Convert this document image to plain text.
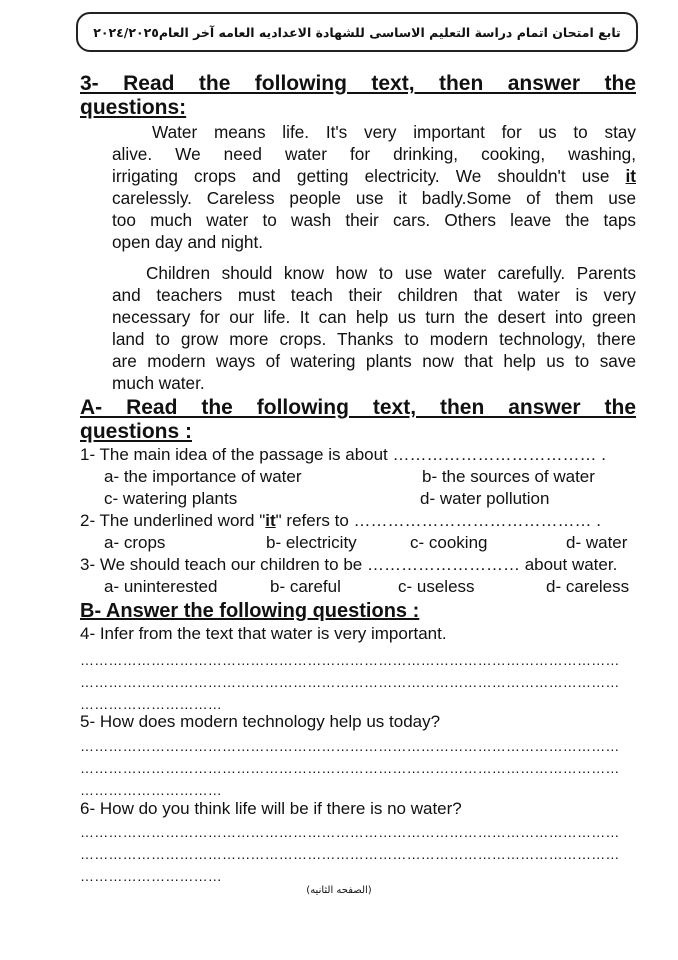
تابع امتحان اتمام دراسة التعليم الاساسى للشهادة الاعداديه العامه آخر العام٢٠٢٤/٢٠٢٥
3- Read the following text, then answer the
questions:
Water means life. It's very important for us to stay
alive. We need water for drinking, cooking, washing,
irrigating crops and getting electricity. We shouldn't use it
carelessly. Careless people use it badly.Some of them use
too much water to wash their cars. Others leave the taps
open day and night.
Children should know how to use water carefully. Parents
and teachers must teach their children that water is very
necessary for our life. It can help us turn the desert into green
land to grow more crops. Thanks to modern technology, there
are modern ways of watering plants now that help us to save
much water.
A- Read the following text, then answer the
questions :
1- The main idea of the passage is about ……………………………… .
a- the importance of water	b- the sources of water
c- watering plants	d- water pollution
2- The underlined word "it" refers to …………………………………… .
a- crops	b- electricity	c- cooking	d- water
3- We should teach our children to be ……………………… about water.
a- uninterested	b- careful	c- useless	d- careless
B- Answer the following questions :
4- Infer from the text that water is very important.
……………………………………………………………………………………………………
……………………………………………………………………………………………………
…………………………
5- How does modern technology help us today?
……………………………………………………………………………………………………
……………………………………………………………………………………………………
…………………………
6- How do you think life will be if there is no water?
……………………………………………………………………………………………………
……………………………………………………………………………………………………
…………………………
(الصفحه الثانيه)
